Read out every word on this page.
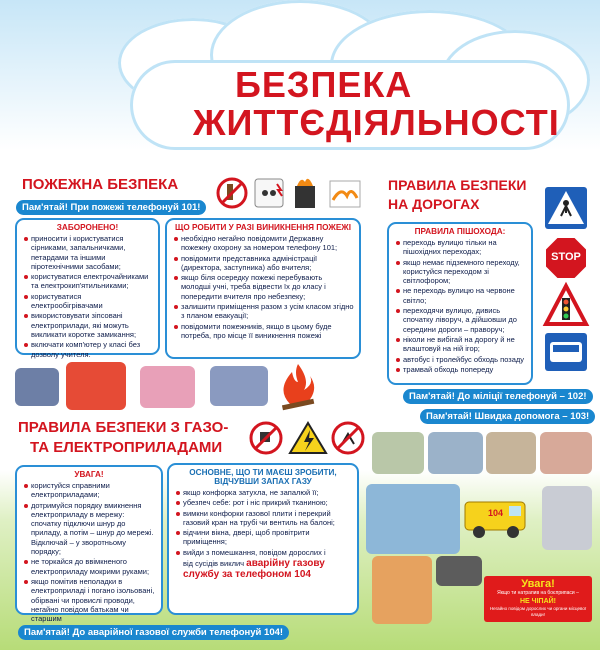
БЕЗПЕКА
ЖИТТЄДІЯЛЬНОСТІ
ПОЖЕЖНА БЕЗПЕКА
Пам'ятай! При пожежі телефонуй 101!
ЗАБОРОНЕНО!
приносити і користуватися сірниками, запальничками, петардами та іншими піротехнічними засобами;
користуватися електрочайниками та електрокип'ятильниками;
користуватися електрообігрівачами
використовувати зіпсовані електроприлади, які можуть викликати коротке замикання;
включати комп'ютер у класі без дозволу учителя.
ЩО РОБИТИ У РАЗІ ВИНИКНЕННЯ ПОЖЕЖІ
необхідно негайно повідомити Державну пожежну охорону за номером телефону 101;
повідомити представника адміністрації (директора, заступника) або вчителя;
якщо біля осередку пожежі перебувають молодші учні, треба відвести їх до класу і попередити вчителя про небезпеку;
залишити приміщення разом з усім класом згідно з планом евакуації;
повідомити пожежників, якщо в цьому буде потреба, про місце її виникнення пожежі
ПРАВИЛА БЕЗПЕКИ
НА ДОРОГАХ
ПРАВИЛА ПІШОХОДА:
переходь вулицю тільки на пішохідних переходах;
якщо немає підземного переходу, користуйся переходом зі світлофором;
не переходь вулицю на червоне світло;
переходячи вулицю, дивись спочатку ліворуч, а дійшовши до середини дороги – праворуч;
ніколи не вибігай на дорогу й не влаштовуй на ній ігор;
автобус і тролейбус обходь позаду
трамвай обходь попереду
STOP
Пам'ятай! До міліції телефонуй – 102!
Пам'ятай! Швидка допомога – 103!
ПРАВИЛА БЕЗПЕКИ З ГАЗО-
ТА ЕЛЕКТРОПРИЛАДАМИ
УВАГА!
користуйся справними електроприладами;
дотримуйся порядку вмикнення електроприладу в мережу: спочатку підключи шнур до приладу, а потім – шнур до мережі. Відключай – у зворотньому порядку;
не торкайся до ввімкненого електроприладу мокрими руками;
якщо помітив неполадки в електроприладі і погано ізольовані, обірвані чи провислі проводи, негайно повідом батькам чи старшим
ОСНОВНЕ, ЩО ТИ МАЄШ ЗРОБИТИ,
ВІДЧУВШИ ЗАПАХ ГАЗУ
якщо конфорка затухла, не запалюй її;
убезпеч себе: рот і ніс прикрий тканиною;
вимкни конфорки газової плити і перекрий газовий кран на трубі чи вентиль на балоні;
відчини вікна, двері, щоб провітрити приміщення;
вийди з помешкання, повідом дорослих і
від сусідів виклич аварійну газову службу за телефоном 104
104
Увага!
Якщо ти натрапив на боєприпаси –
НЕ ЧІПАЙ!
Негайно повідом дорослих чи органи місцевої влади!
Пам'ятай! До аварійної газової служби телефонуй 104!
